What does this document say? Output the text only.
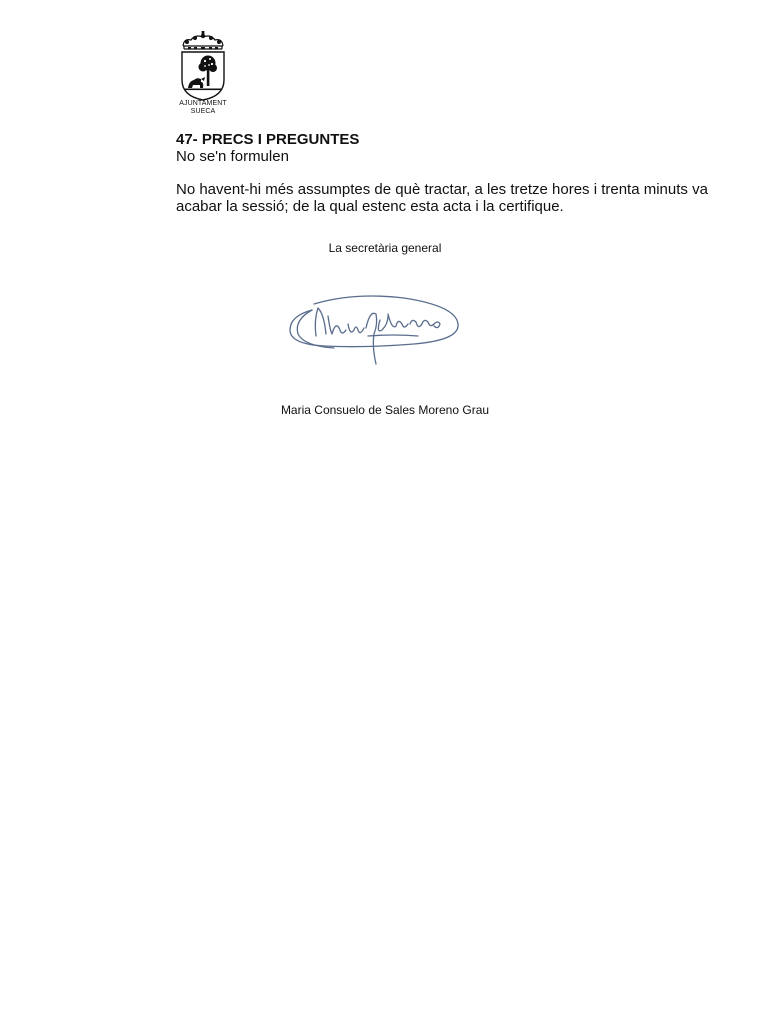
AJUNTAMENT
SUECA
47- PRECS I PREGUNTES
No se'n formulen
No havent-hi més assumptes de què tractar, a les tretze hores i trenta minuts va
acabar la sessió; de la qual estenc esta acta i la certifique.
La secretària general
Maria Consuelo de Sales Moreno Grau
